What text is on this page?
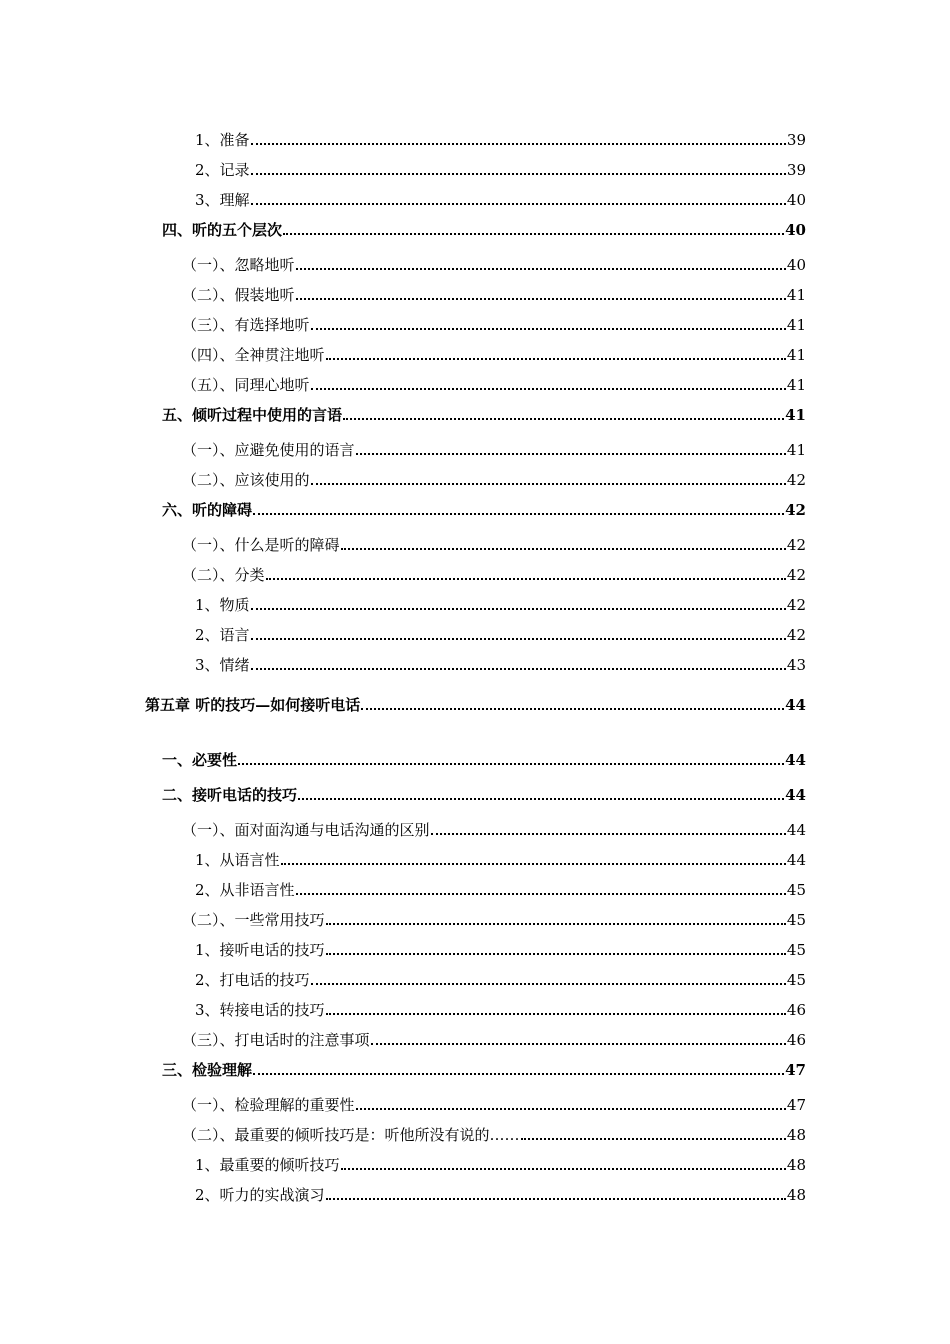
1、准备	39
2、记录	39
3、理解	40
四、听的五个层次	40
（一）、忽略地听	40
（二）、假装地听	41
（三）、有选择地听	41
（四）、全神贯注地听	41
（五）、同理心地听	41
五、倾听过程中使用的言语	41
（一）、应避免使用的语言	41
（二）、应该使用的	42
六、听的障碍	42
（一）、什么是听的障碍	42
（二）、分类	42
1、物质	42
2、语言	42
3、情绪	43
第五章 听的技巧—如何接听电话	44
一、必要性	44
二、接听电话的技巧	44
（一）、面对面沟通与电话沟通的区别	44
1、从语言性	44
2、从非语言性	45
（二）、一些常用技巧	45
1、接听电话的技巧	45
2、打电话的技巧	45
3、转接电话的技巧	46
（三）、打电话时的注意事项	46
三、检验理解	47
（一）、检验理解的重要性	47
（二）、最重要的倾听技巧是：听他所没有说的……	48
1、最重要的倾听技巧	48
2、听力的实战演习	48
